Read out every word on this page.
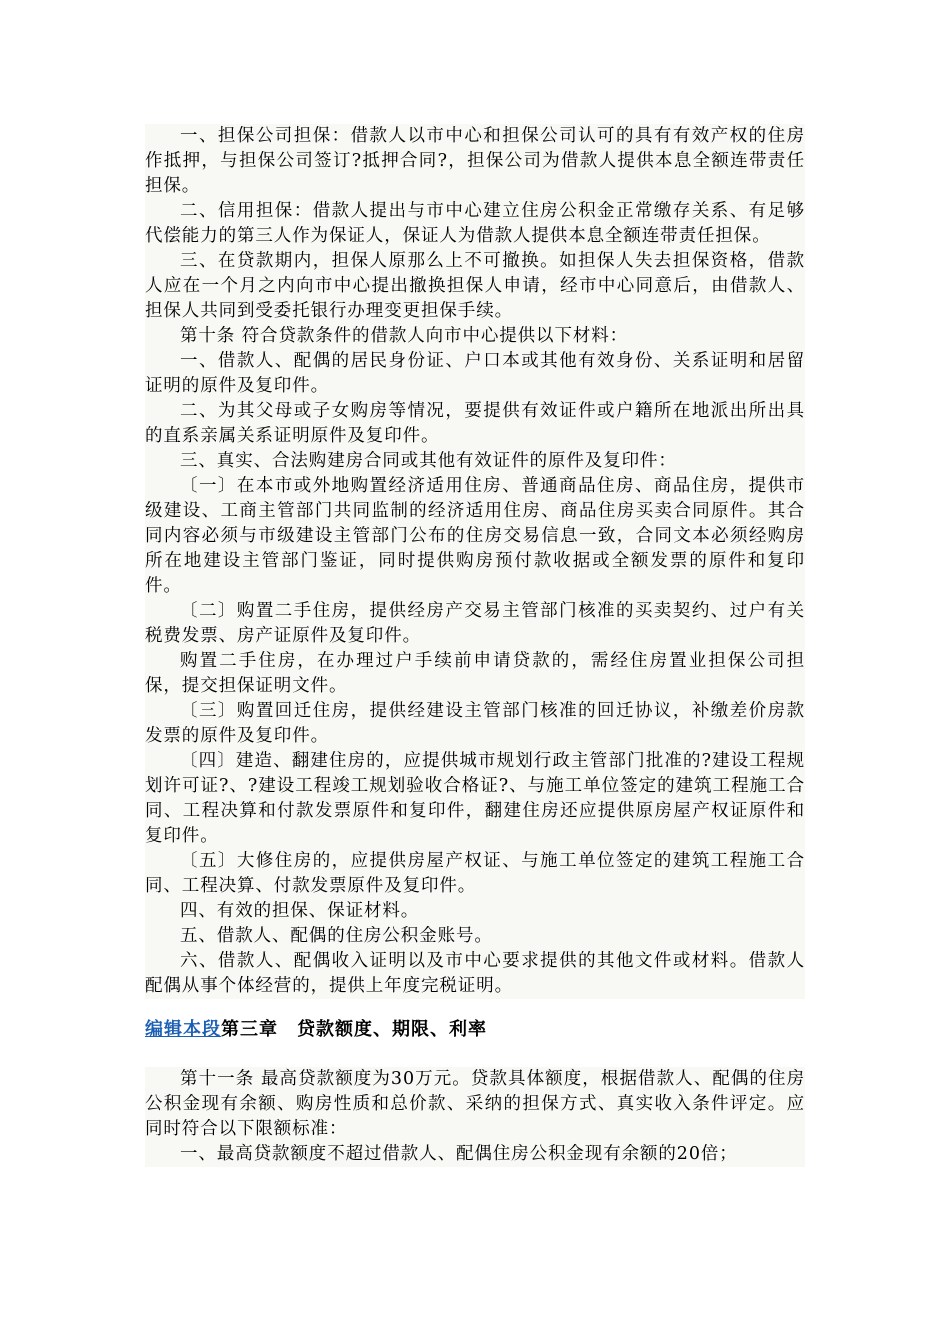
一、担保公司担保：借款人以市中心和担保公司认可的具有有效产权的住房作抵押，与担保公司签订?抵押合同?，担保公司为借款人提供本息全额连带责任担保。

二、信用担保：借款人提出与市中心建立住房公积金正常缴存关系、有足够代偿能力的第三人作为保证人，保证人为借款人提供本息全额连带责任担保。

三、在贷款期内，担保人原那么上不可撤换。如担保人失去担保资格，借款人应在一个月之内向市中心提出撤换担保人申请，经市中心同意后，由借款人、担保人共同到受委托银行办理变更担保手续。

第十条 符合贷款条件的借款人向市中心提供以下材料：

一、借款人、配偶的居民身份证、户口本或其他有效身份、关系证明和居留证明的原件及复印件。

二、为其父母或子女购房等情况，要提供有效证件或户籍所在地派出所出具的直系亲属关系证明原件及复印件。

三、真实、合法购建房合同或其他有效证件的原件及复印件：

〔一〕在本市或外地购置经济适用住房、普通商品住房、商品住房，提供市级建设、工商主管部门共同监制的经济适用住房、商品住房买卖合同原件。其合同内容必须与市级建设主管部门公布的住房交易信息一致，合同文本必须经购房所在地建设主管部门鉴证，同时提供购房预付款收据或全额发票的原件和复印件。

〔二〕购置二手住房，提供经房产交易主管部门核准的买卖契约、过户有关税费发票、房产证原件及复印件。

购置二手住房，在办理过户手续前申请贷款的，需经住房置业担保公司担保，提交担保证明文件。

〔三〕购置回迁住房，提供经建设主管部门核准的回迁协议，补缴差价房款发票的原件及复印件。

〔四〕建造、翻建住房的，应提供城市规划行政主管部门批准的?建设工程规划许可证?、?建设工程竣工规划验收合格证?、与施工单位签定的建筑工程施工合同、工程决算和付款发票原件和复印件，翻建住房还应提供原房屋产权证原件和复印件。

〔五〕大修住房的，应提供房屋产权证、与施工单位签定的建筑工程施工合同、工程决算、付款发票原件及复印件。

四、有效的担保、保证材料。

五、借款人、配偶的住房公积金账号。

六、借款人、配偶收入证明以及市中心要求提供的其他文件或材料。借款人配偶从事个体经营的，提供上年度完税证明。

编辑本段第三章　贷款额度、期限、利率

第十一条 最高贷款额度为30万元。贷款具体额度，根据借款人、配偶的住房公积金现有余额、购房性质和总价款、采纳的担保方式、真实收入条件评定。应同时符合以下限额标准：

一、最高贷款额度不超过借款人、配偶住房公积金现有余额的20倍；
